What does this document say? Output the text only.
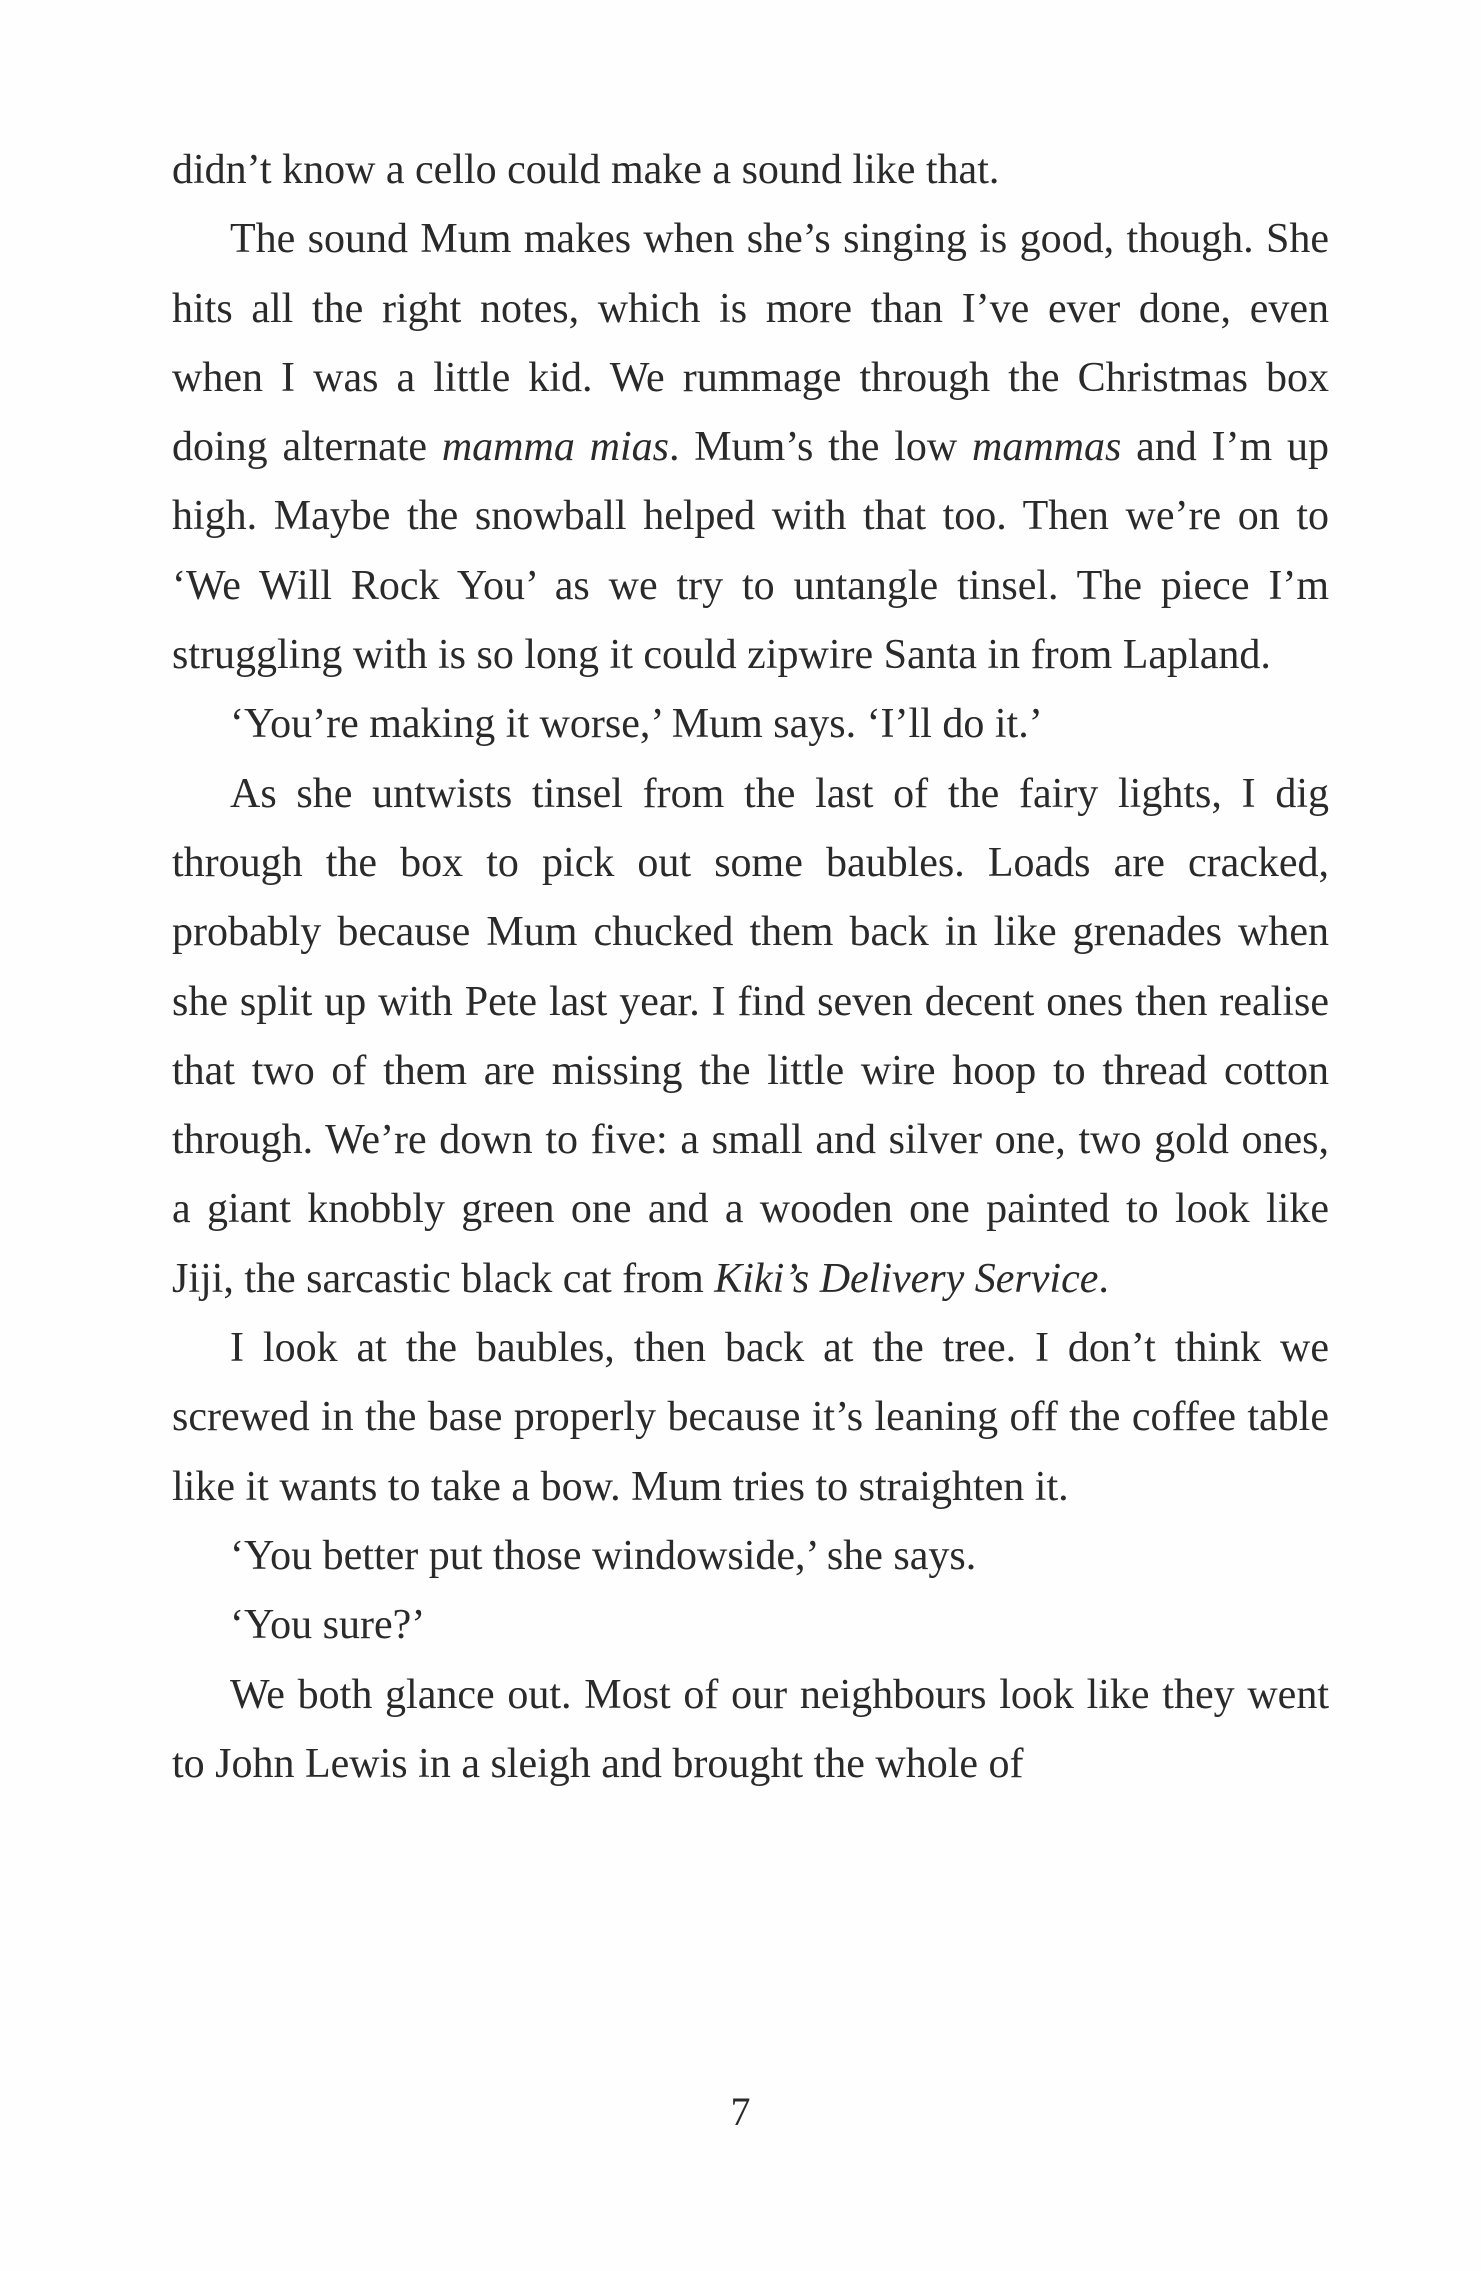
didn’t know a cello could make a sound like that.

The sound Mum makes when she’s singing is good, though. She hits all the right notes, which is more than I’ve ever done, even when I was a little kid. We rummage through the Christmas box doing alternate mamma mias. Mum’s the low mammas and I’m up high. Maybe the snowball helped with that too. Then we’re on to ‘We Will Rock You’ as we try to untangle tinsel. The piece I’m struggling with is so long it could zipwire Santa in from Lapland.

‘You’re making it worse,’ Mum says. ‘I’ll do it.’

As she untwists tinsel from the last of the fairy lights, I dig through the box to pick out some baubles. Loads are cracked, probably because Mum chucked them back in like grenades when she split up with Pete last year. I find seven decent ones then realise that two of them are missing the little wire hoop to thread cotton through. We’re down to five: a small and silver one, two gold ones, a giant knobbly green one and a wooden one painted to look like Jiji, the sarcastic black cat from Kiki’s Delivery Service.

I look at the baubles, then back at the tree. I don’t think we screwed in the base properly because it’s leaning off the coffee table like it wants to take a bow. Mum tries to straighten it.

‘You better put those windowside,’ she says.

‘You sure?’

We both glance out. Most of our neighbours look like they went to John Lewis in a sleigh and brought the whole of

7
